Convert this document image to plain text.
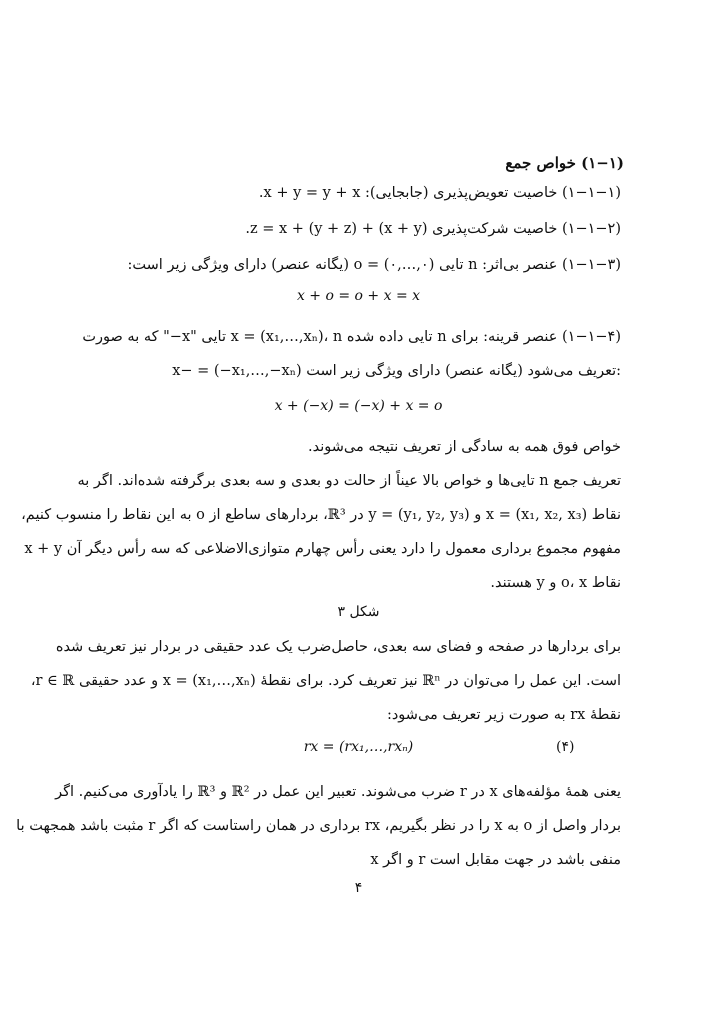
(۱−۱) خواص جمع
(۱−۱−۱) خاصیت تعویض‌پذیری (جابجایی): x + y = y + x.
(۱−۱−۲) خاصیت شرکت‌پذیری (x + y) + z = x + (y + z).
(۱−۱−۳) عنصر بی‌اثر: n تایی (۰,…,۰) = o (یگانه عنصر) دارای ویژگی زیر است:
x + o = o + x = x
(۱−۱−۴) عنصر قرینه: برای n تایی داده شده x = (x₁,…,xₙ)، n تایی "x−" که به صورت
x− = (−x₁,…,−xₙ) تعریف می‌شود (یگانه عنصر) دارای ویژگی زیر است:
x + (−x) = (−x) + x = o
خواص فوق همه به سادگی از تعریف نتیجه می‌شوند.
تعریف جمع n تایی‌ها و خواص بالا عیناً از حالت دو بعدی و سه بعدی برگرفته شده‌اند. اگر به
نقاط x = (x₁, x₂, x₃) و y = (y₁, y₂, y₃) در ℝ³، بردارهای ساطع از o به این نقاط را منسوب کنیم،
x + y مفهوم مجموع برداری معمول را دارد یعنی رأس چهارم متوازی‌الاضلاعی که سه رأس دیگر آن
نقاط o، x و y هستند.
شکل ۳
برای بردارها در صفحه و فضای سه بعدی، حاصل‌ضرب یک عدد حقیقی در بردار نیز تعریف شده
است. این عمل را می‌توان در ℝⁿ نیز تعریف کرد. برای نقطهٔ x = (x₁,…,xₙ) و عدد حقیقی r ∈ ℝ،
نقطهٔ rx به صورت زیر تعریف می‌شود:
rx = (rx₁,…,rxₙ)	(۴)
یعنی همهٔ مؤلفه‌های x در r ضرب می‌شوند. تعبیر این عمل در ℝ² و ℝ³ را یادآوری می‌کنیم. اگر
بردار واصل از o به x را در نظر بگیریم، rx برداری در همان راستاست که اگر r مثبت باشد همجهت با
x و اگر r منفی باشد در جهت مقابل است
۴
